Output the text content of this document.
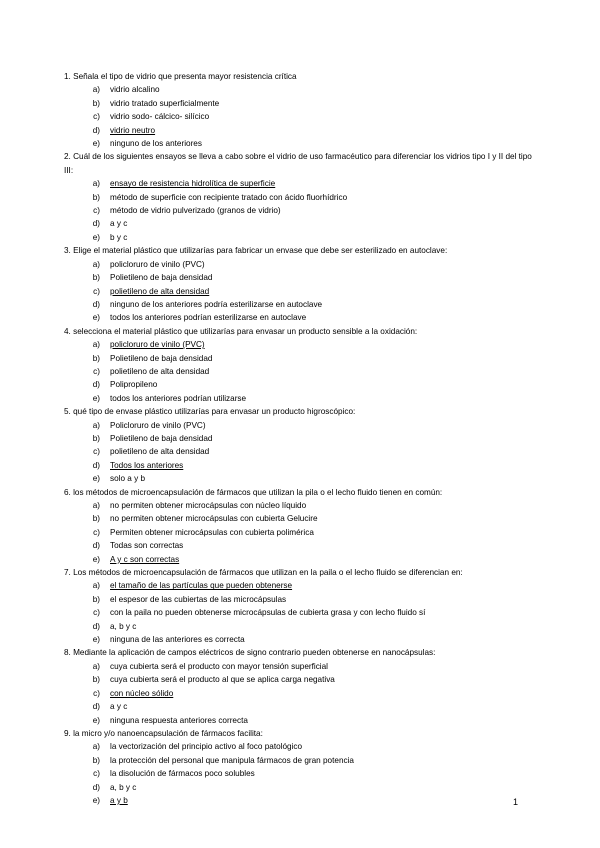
1. Señala el tipo de vidrio que presenta mayor resistencia crítica
a)	vidrio alcalino
b)	vidrio tratado superficialmente
c)	vidrio sodo- cálcico- silícico
d)	vidrio neutro
e)	ninguno de los anteriores
2. Cuál de los siguientes ensayos se lleva a cabo sobre el vidrio de uso farmacéutico para diferenciar los vidrios tipo I y II del tipo III:
a)	ensayo de resistencia hidrolítica de superficie
b)	método de superficie con recipiente tratado con ácido fluorhídrico
c)	método de vidrio pulverizado (granos de vidrio)
d)	a y c
e)	b y c
3. Elige el material plástico que utilizarías para fabricar un envase que debe ser esterilizado en autoclave:
a)	policloruro de vinilo (PVC)
b)	Polietileno de baja densidad
c)	polietileno de alta densidad
d)	ninguno de los anteriores podría esterilizarse en autoclave
e)	todos los anteriores podrían esterilizarse en autoclave
4. selecciona el material plástico que utilizarías para envasar un producto sensible a la oxidación:
a)	policloruro de vinilo (PVC)
b)	Polietileno de baja densidad
c)	polietileno de alta densidad
d)	Polipropileno
e)	todos los anteriores podrían utilizarse
5. qué tipo de envase plástico utilizarías para envasar un producto higroscópico:
a)	Policloruro de vinilo (PVC)
b)	Polietileno de baja densidad
c)	polietileno de alta densidad
d)	Todos los anteriores
e)	solo a y b
6. los métodos de microencapsulación de fármacos que utilizan la pila o el lecho fluido tienen en común:
a)	no permiten obtener microcápsulas con núcleo líquido
b)	no permiten obtener microcápsulas con cubierta Gelucire
c)	Permiten obtener microcápsulas con cubierta polimérica
d)	Todas son correctas
e)	A y c son correctas
7. Los métodos de microencapsulación de fármacos que utilizan en la paila o el lecho fluido se diferencian en:
a)	el tamaño de las partículas que pueden obtenerse
b)	el espesor de las cubiertas de las microcápsulas
c)	con la paila no pueden obtenerse microcápsulas de cubierta grasa y con lecho fluido sí
d)	a, b y c
e)	ninguna de las anteriores es correcta
8. Mediante la aplicación de campos eléctricos de signo contrario pueden obtenerse en nanocápsulas:
a)	cuya cubierta será el producto con mayor tensión superficial
b)	cuya cubierta será el producto al que se aplica carga negativa
c)	con núcleo sólido
d)	a y c
e)	ninguna respuesta anteriores correcta
9. la micro y/o nanoencapsulación de fármacos facilita:
a)	la vectorización del principio activo al foco patológico
b)	la protección del personal que manipula fármacos de gran potencia
c)	la disolución de fármacos poco solubles
d)	a, b y c
e)	a y b	1
